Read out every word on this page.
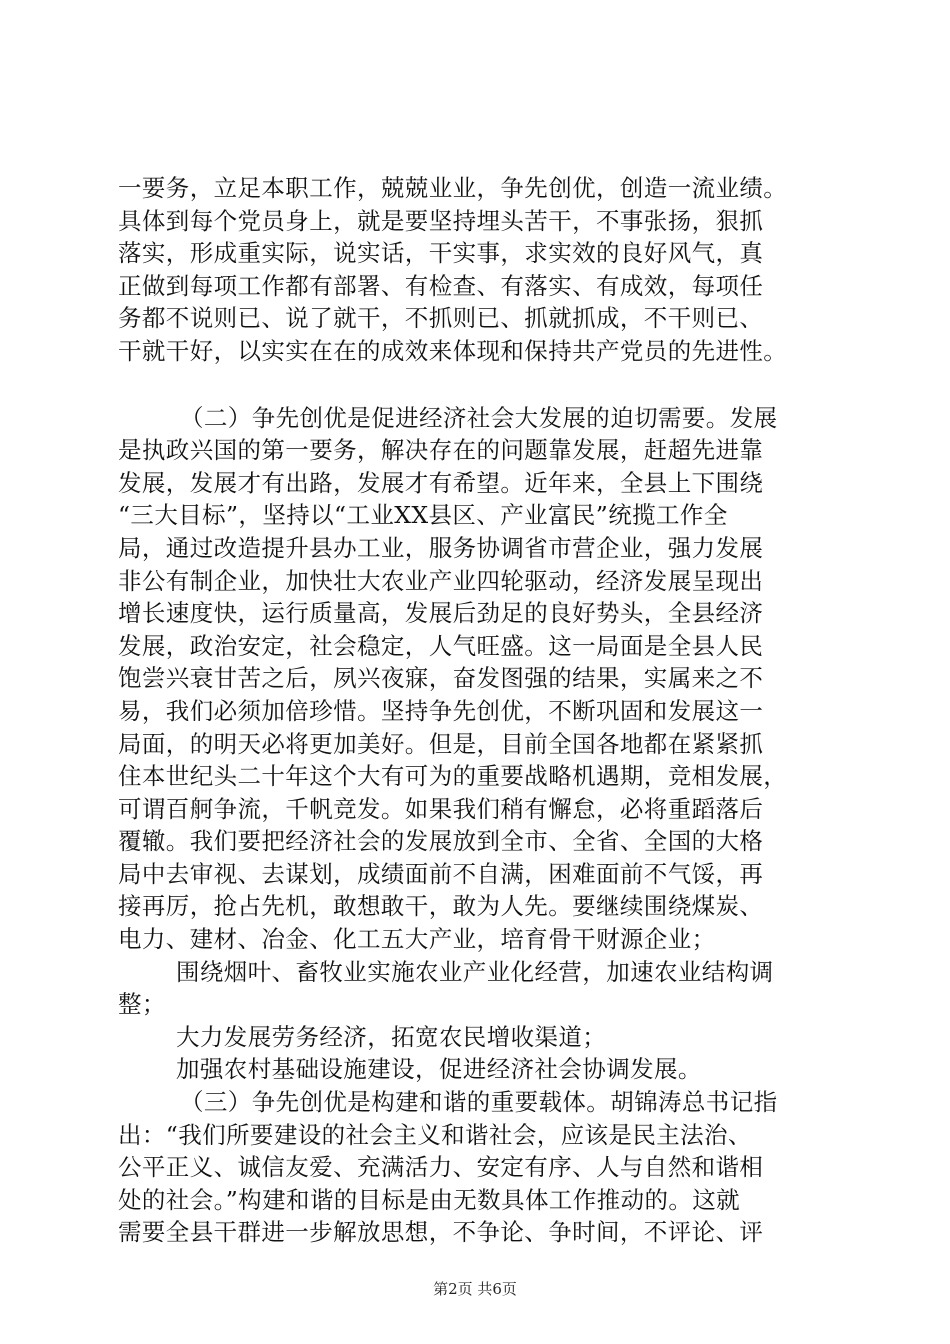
一要务，立足本职工作，兢兢业业，争先创优，创造一流业绩。
具体到每个党员身上，就是要坚持埋头苦干，不事张扬，狠抓
落实，形成重实际，说实话，干实事，求实效的良好风气，真
正做到每项工作都有部署、有检查、有落实、有成效，每项任
务都不说则已、说了就干，不抓则已、抓就抓成，不干则已、
干就干好，以实实在在的成效来体现和保持共产党员的先进性。
（二）争先创优是促进经济社会大发展的迫切需要。发展
是执政兴国的第一要务，解决存在的问题靠发展，赶超先进靠
发展，发展才有出路，发展才有希望。近年来，全县上下围绕
“三大目标”，坚持以“工业XX县区、产业富民”统揽工作全
局，通过改造提升县办工业，服务协调省市营企业，强力发展
非公有制企业，加快壮大农业产业四轮驱动，经济发展呈现出
增长速度快，运行质量高，发展后劲足的良好势头，全县经济
发展，政治安定，社会稳定，人气旺盛。这一局面是全县人民
饱尝兴衰甘苦之后，夙兴夜寐，奋发图强的结果，实属来之不
易，我们必须加倍珍惜。坚持争先创优，不断巩固和发展这一
局面，的明天必将更加美好。但是，目前全国各地都在紧紧抓
住本世纪头二十年这个大有可为的重要战略机遇期，竞相发展，
可谓百舸争流，千帆竞发。如果我们稍有懈怠，必将重蹈落后
覆辙。我们要把经济社会的发展放到全市、全省、全国的大格
局中去审视、去谋划，成绩面前不自满，困难面前不气馁，再
接再厉，抢占先机，敢想敢干，敢为人先。要继续围绕煤炭、
电力、建材、冶金、化工五大产业，培育骨干财源企业；
围绕烟叶、畜牧业实施农业产业化经营，加速农业结构调
整；
大力发展劳务经济，拓宽农民增收渠道；
加强农村基础设施建设，促进经济社会协调发展。
（三）争先创优是构建和谐的重要载体。胡锦涛总书记指
出：“我们所要建设的社会主义和谐社会，应该是民主法治、
公平正义、诚信友爱、充满活力、安定有序、人与自然和谐相
处的社会。”构建和谐的目标是由无数具体工作推动的。这就
需要全县干群进一步解放思想，不争论、争时间，不评论、评
第2页 共6页
